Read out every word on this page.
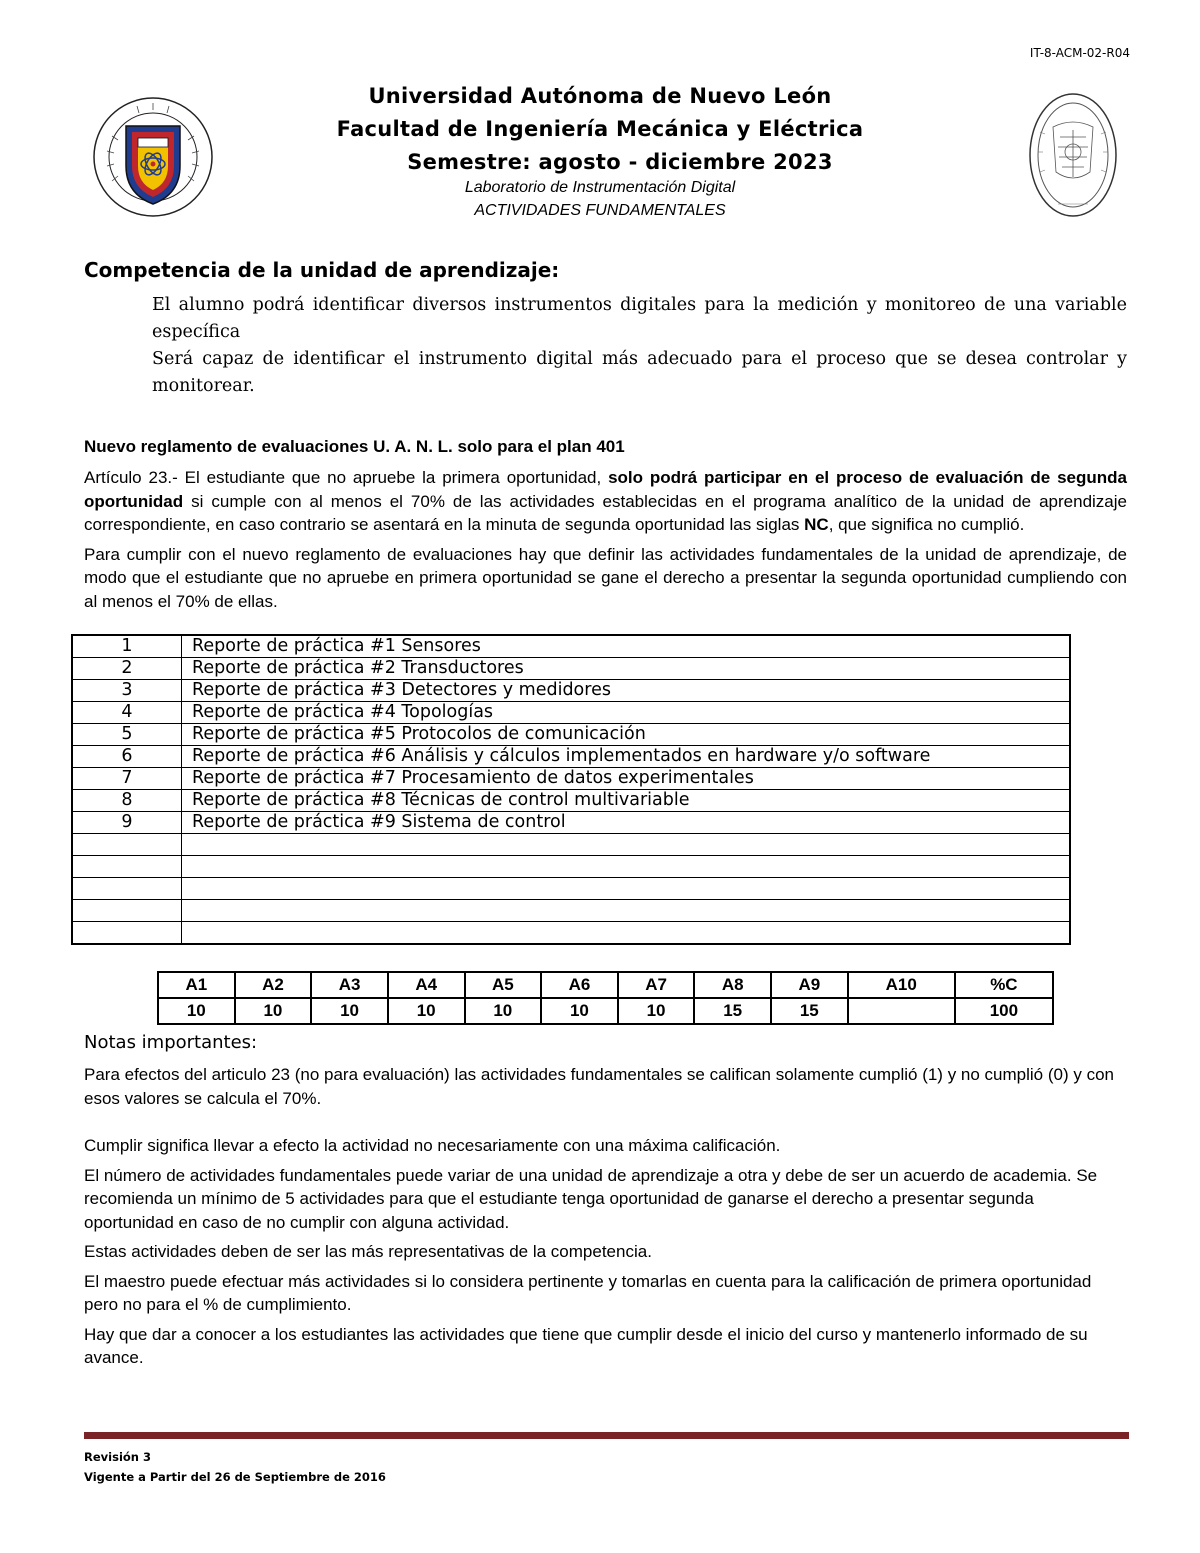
IT-8-ACM-02-R04
Universidad Autónoma de Nuevo León
Facultad de Ingeniería Mecánica y Eléctrica
Semestre: agosto - diciembre 2023
Laboratorio de Instrumentación Digital
ACTIVIDADES FUNDAMENTALES
Competencia de la unidad de aprendizaje:

El alumno podrá identificar diversos instrumentos digitales para la medición y monitoreo de una variable específica

Será capaz de identificar el instrumento digital más adecuado para el proceso que se desea controlar y monitorear.

Nuevo reglamento de evaluaciones U. A. N. L. solo para el plan 401

Artículo 23.- El estudiante que no apruebe la primera oportunidad, solo podrá participar en el proceso de evaluación de segunda oportunidad si cumple con al menos el 70% de las actividades establecidas en el programa analítico de la unidad de aprendizaje correspondiente, en caso contrario se asentará en la minuta de segunda oportunidad las siglas NC, que significa no cumplió.

Para cumplir con el nuevo reglamento de evaluaciones hay que definir las actividades fundamentales de la unidad de aprendizaje, de modo que el estudiante que no apruebe en primera oportunidad se gane el derecho a presentar la segunda oportunidad cumpliendo con al menos el 70% de ellas.

1	Reporte de práctica #1 Sensores
2	Reporte de práctica #2 Transductores
3	Reporte de práctica #3 Detectores y medidores
4	Reporte de práctica #4 Topologías
5	Reporte de práctica #5 Protocolos de comunicación
6	Reporte de práctica #6 Análisis y cálculos implementados en hardware y/o software
7	Reporte de práctica #7 Procesamiento de datos experimentales
8	Reporte de práctica #8 Técnicas de control multivariable
9	Reporte de práctica #9 Sistema de control

A1	A2	A3	A4	A5	A6	A7	A8	A9	A10	%C
10	10	10	10	10	10	10	15	15		100
Notas importantes:

Para efectos del articulo 23 (no para evaluación) las actividades fundamentales se califican solamente cumplió (1) y no cumplió (0) y con esos valores se calcula el 70%.

Cumplir significa llevar a efecto la actividad no necesariamente con una máxima calificación.

El número de actividades fundamentales puede variar de una unidad de aprendizaje a otra y debe de ser un acuerdo de academia. Se recomienda un mínimo de 5 actividades para que el estudiante tenga oportunidad de ganarse el derecho a presentar segunda oportunidad en caso de no cumplir con alguna actividad.

Estas actividades deben de ser las más representativas de la competencia.

El maestro puede efectuar más actividades si lo considera pertinente y tomarlas en cuenta para la calificación de primera oportunidad pero no para el % de cumplimiento.

Hay que dar a conocer a los estudiantes las actividades que tiene que cumplir desde el inicio del curso y mantenerlo informado de su avance.

Revisión 3
Vigente a Partir del 26 de Septiembre de 2016
